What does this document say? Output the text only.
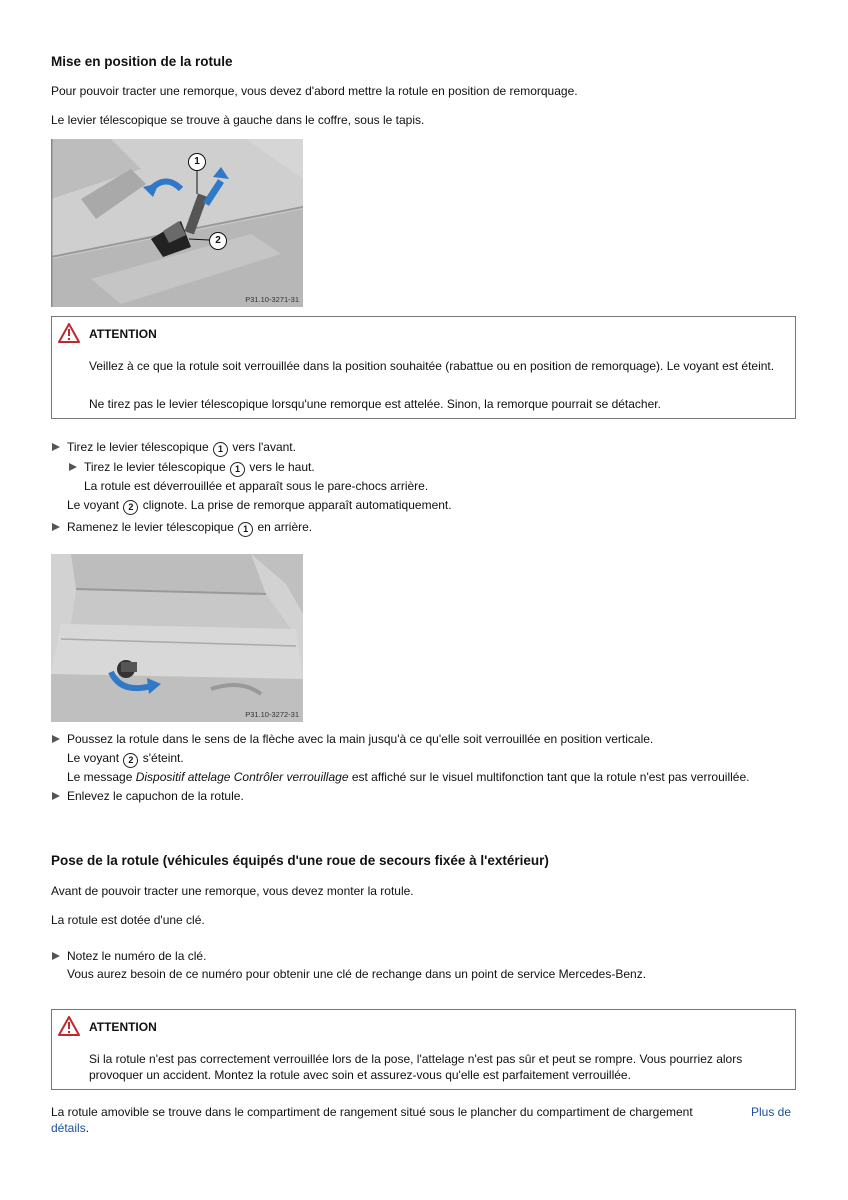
Mise en position de la rotule
Pour pouvoir tracter une remorque, vous devez d'abord mettre la rotule en position de remorquage.
Le levier télescopique se trouve à gauche dans le coffre, sous le tapis.
1
2
P31.10-3271-31
ATTENTION
Veillez à ce que la rotule soit verrouillée dans la position souhaitée (rabattue ou en position de remorquage). Le voyant est éteint.
Ne tirez pas le levier télescopique lorsqu'une remorque est attelée. Sinon, la remorque pourrait se détacher.
Tirez le levier télescopique 1 vers l'avant.
Tirez le levier télescopique 1 vers le haut.
La rotule est déverrouillée et apparaît sous le pare-chocs arrière.
Le voyant 2 clignote. La prise de remorque apparaît automatiquement.
Ramenez le levier télescopique 1 en arrière.
P31.10-3272-31
Poussez la rotule dans le sens de la flèche avec la main jusqu'à ce qu'elle soit verrouillée en position verticale.
Le voyant 2 s'éteint.
Le message Dispositif attelage Contrôler verrouillage est affiché sur le visuel multifonction tant que la rotule n'est pas verrouillée.
Enlevez le capuchon de la rotule.
Pose de la rotule (véhicules équipés d'une roue de secours fixée à l'extérieur)
Avant de pouvoir tracter une remorque, vous devez monter la rotule.
La rotule est dotée d'une clé.
Notez le numéro de la clé.
Vous aurez besoin de ce numéro pour obtenir une clé de rechange dans un point de service Mercedes-Benz.
ATTENTION
Si la rotule n'est pas correctement verrouillée lors de la pose, l'attelage n'est pas sûr et peut se rompre. Vous pourriez alors provoquer un accident. Montez la rotule avec soin et assurez-vous qu'elle est parfaitement verrouillée.
La rotule amovible se trouve dans le compartiment de rangement situé sous le plancher du compartiment de chargement	Plus de
détails.
